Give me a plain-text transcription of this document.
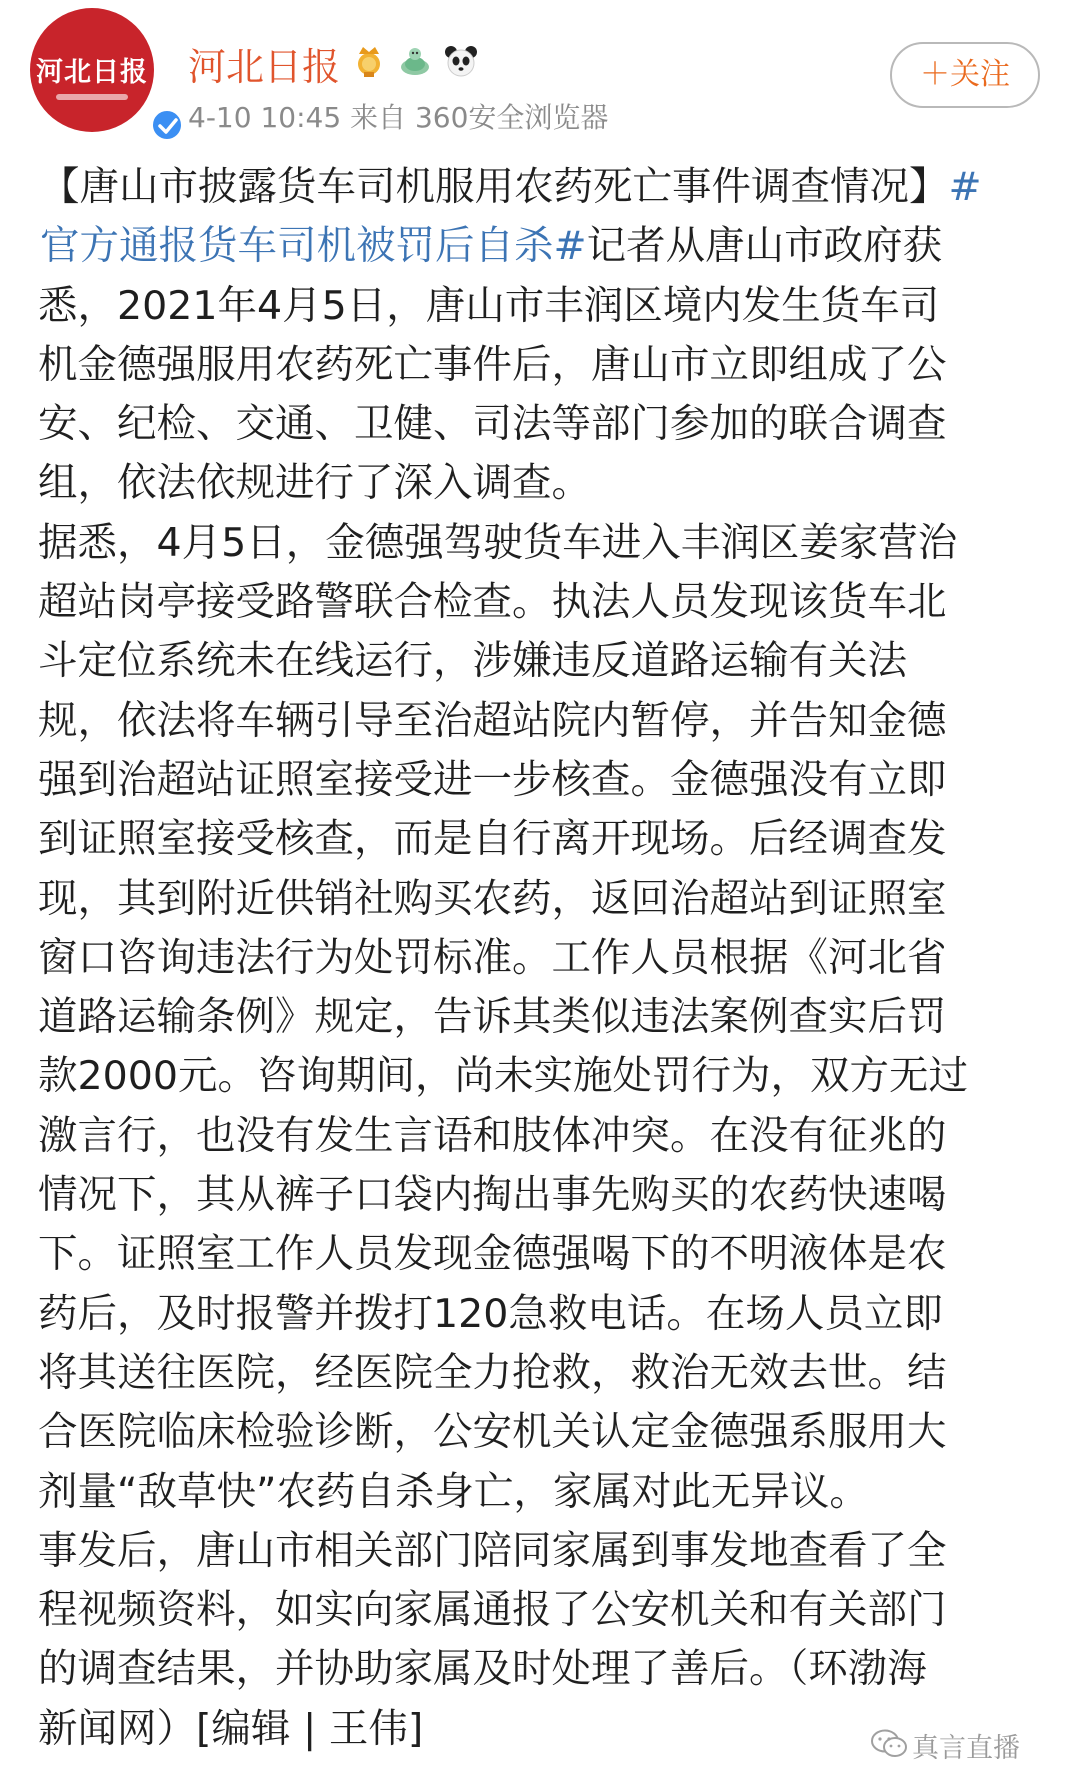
河北日报 河北日报
4-10 10:45 来自 360安全浏览器
＋关注
【唐山市披露货车司机服用农药死亡事件调查情况】#
官方通报货车司机被罚后自杀#记者从唐山市政府获
悉，2021年4月5日，唐山市丰润区境内发生货车司
机金德强服用农药死亡事件后，唐山市立即组成了公
安、纪检、交通、卫健、司法等部门参加的联合调查
组，依法依规进行了深入调查。
据悉，4月5日，金德强驾驶货车进入丰润区姜家营治
超站岗亭接受路警联合检查。执法人员发现该货车北
斗定位系统未在线运行，涉嫌违反道路运输有关法
规，依法将车辆引导至治超站院内暂停，并告知金德
强到治超站证照室接受进一步核查。金德强没有立即
到证照室接受核查，而是自行离开现场。后经调查发
现，其到附近供销社购买农药，返回治超站到证照室
窗口咨询违法行为处罚标准。工作人员根据《河北省
道路运输条例》规定，告诉其类似违法案例查实后罚
款2000元。咨询期间，尚未实施处罚行为，双方无过
激言行，也没有发生言语和肢体冲突。在没有征兆的
情况下，其从裤子口袋内掏出事先购买的农药快速喝
下。证照室工作人员发现金德强喝下的不明液体是农
药后，及时报警并拨打120急救电话。在场人员立即
将其送往医院，经医院全力抢救，救治无效去世。结
合医院临床检验诊断，公安机关认定金德强系服用大
剂量“敌草快”农药自杀身亡，家属对此无异议。
事发后，唐山市相关部门陪同家属到事发地查看了全
程视频资料，如实向家属通报了公安机关和有关部门
的调查结果，并协助家属及时处理了善后。（环渤海
新闻网）[编辑 | 王伟]	真言直播
